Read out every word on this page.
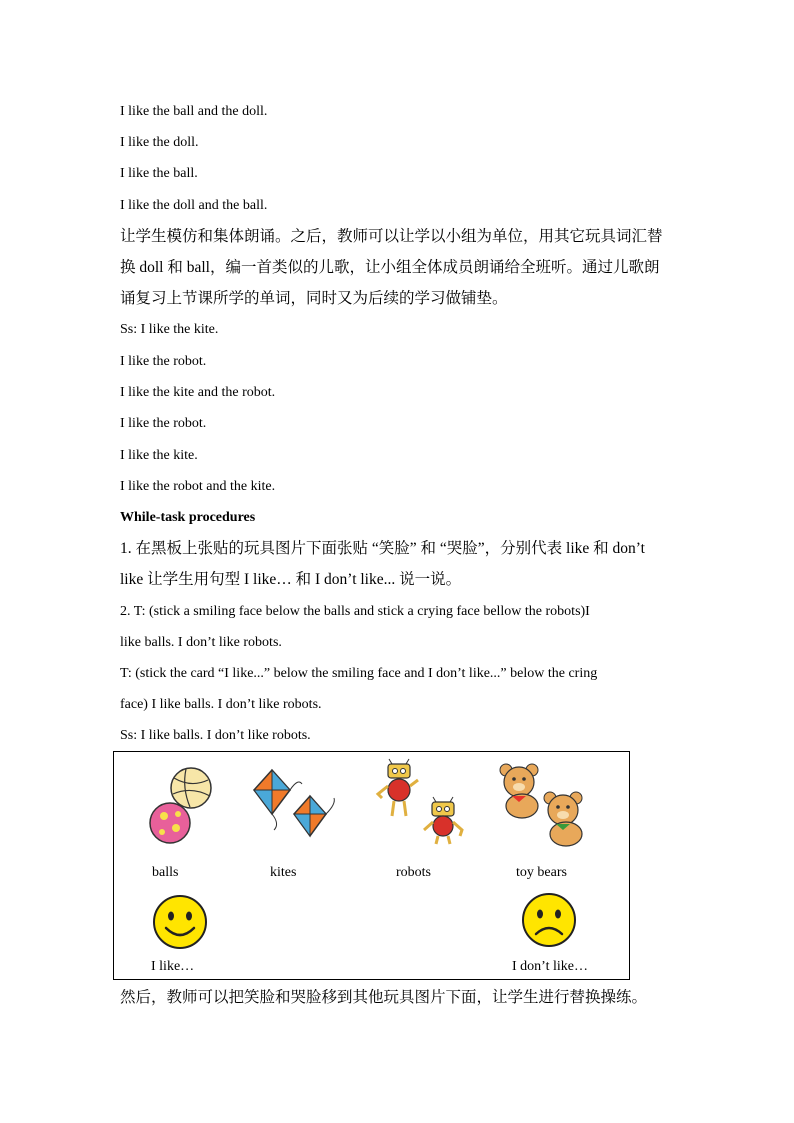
I like the ball and the doll.
I like the doll.
I like the ball.
I like the doll and the ball.
让学生模仿和集体朗诵。之后，教师可以让学以小组为单位，用其它玩具词汇替
换 doll 和 ball，编一首类似的儿歌，让小组全体成员朗诵给全班听。通过儿歌朗
诵复习上节课所学的单词，同时又为后续的学习做铺垫。
Ss: I like the kite.
I like the robot.
I like the kite and the robot.
I like the robot.
I like the kite.
I like the robot and the kite.
While-task procedures
1. 在黑板上张贴的玩具图片下面张贴 “笑脸” 和 “哭脸”，分别代表 like 和 don’t
like 让学生用句型 I like… 和 I don’t like... 说一说。
2. T: (stick a smiling face below the balls and stick a crying face bellow the robots)I
like balls. I don’t like robots.
T: (stick the card “I like...” below the smiling face and I don’t like...” below the cring
face) I like balls. I don’t like robots.
Ss: I like balls. I don’t like robots.
balls	kites	robots	toy bears
I like…	I don’t like…
然后，教师可以把笑脸和哭脸移到其他玩具图片下面，让学生进行替换操练。
